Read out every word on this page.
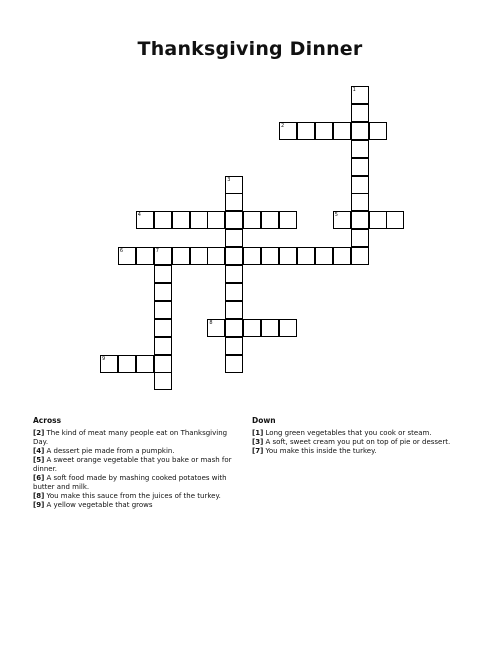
Thanksgiving Dinner
1
2
3
4	5
6	7
8
9
Across

[2] The kind of meat many people eat on Thanksgiving Day.

[4] A dessert pie made from a pumpkin.

[5] A sweet orange vegetable that you bake or mash for dinner.

[6] A soft food made by mashing cooked potatoes with butter and milk.

[8] You make this sauce from the juices of the turkey.

[9] A yellow vegetable that grows

Down

[1] Long green vegetables that you cook or steam.

[3] A soft, sweet cream you put on top of pie or dessert.

[7] You make this inside the turkey.
